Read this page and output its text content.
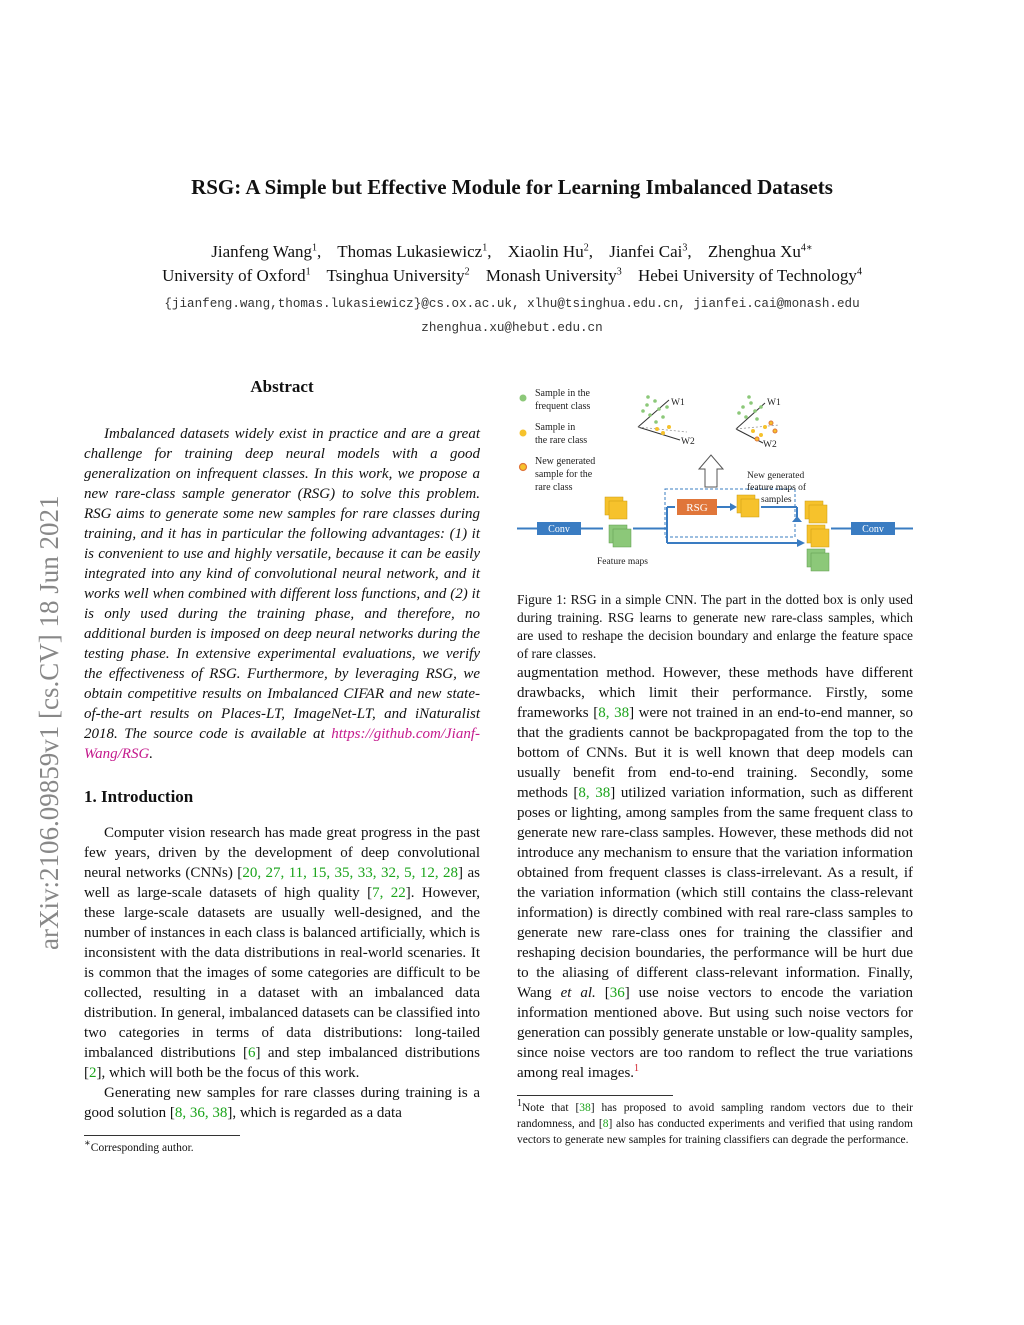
arXiv:2106.09859v1 [cs.CV] 18 Jun 2021
RSG: A Simple but Effective Module for Learning Imbalanced Datasets
Jianfeng Wang$^1$, Thomas Lukasiewicz$^1$, Xiaolin Hu$^2$, Jianfei Cai$^3$, Zhenghua $Xu^{4∗}$
University of Oxford$^1$ Tsinghua University$^2$ Monash University$^3$ Hebei University of Technology$^4$
{jianfeng.wang,thomas.lukasiewicz}@cs.ox.ac.uk, xlhu@tsinghua.edu.cn, jianfei.cai@monash.edu
zhenghua.xu@hebut.edu.cn
Abstract

Imbalanced datasets widely exist in practice and are a great challenge for training deep neural models with a good generalization on infrequent classes. In this work, we propose a new rare-class sample generator (RSG) to solve this problem. RSG aims to generate some new samples for rare classes during training, and it has in particular the following advantages: (1) it is convenient to use and highly versatile, because it can be easily integrated into any kind of convolutional neural network, and it works well when combined with different loss functions, and (2) it is only used during the training phase, and therefore, no additional burden is imposed on deep neural networks during the testing phase. In extensive experimental evaluations, we verify the effectiveness of RSG. Furthermore, by leveraging RSG, we obtain competitive results on Imbalanced CIFAR and new state-of-the-art results on Places-LT, ImageNet-LT, and iNaturalist 2018. The source code is available at https://github.com/Jianf-Wang/RSG.

1. Introduction

Computer vision research has made great progress in the past few years, driven by the development of deep convolutional neural networks (CNNs) [20, 27, 11, 15, 35, 33, 32, 5, 12, 28] as well as large-scale datasets of high quality [7, 22]. However, these large-scale datasets are usually well-designed, and the number of instances in each class is balanced artificially, which is inconsistent with the data distributions in real-world scenaries. It is common that the images of some categories are difficult to be collected, resulting in a dataset with an imbalanced data distribution. In general, imbalanced datasets can be classified into two categories in terms of data distributions: long-tailed imbalanced distributions [6] and step imbalanced distributions [2], which will both be the focus of this work.

Generating new samples for rare classes during training is a good solution [8, 36, 38], which is regarded as a data

∗Corresponding author.
Sample in the frequent class
Sample in the rare class
New generated sample for the rare class
W1
W2
W1
W2
Conv
Feature maps
RSG
New generated feature maps of samples
Conv
Figure 1: RSG in a simple CNN. The part in the dotted box is only used during training. RSG learns to generate new rare-class samples, which are used to reshape the decision boundary and enlarge the feature space of rare classes.

augmentation method. However, these methods have different drawbacks, which limit their performance. Firstly, some frameworks [8, 38] were not trained in an end-to-end manner, so that the gradients cannot be backpropagated from the top to the bottom of CNNs. But it is well known that deep models can usually benefit from end-to-end training. Secondly, some methods [8, 38] utilized variation information, such as different poses or lighting, among samples from the same frequent class to generate new rare-class samples. However, these methods did not introduce any mechanism to ensure that the variation information obtained from frequent classes is class-irrelevant. As a result, if the variation information (which still contains the class-relevant information) is directly combined with real rare-class samples to generate new rare-class ones for training the classifier and reshaping decision boundaries, the performance will be hurt due to the aliasing of different class-relevant information. Finally, Wang et al. [36] use noise vectors to encode the variation information mentioned above. But using such noise vectors for generation can possibly generate unstable or low-quality samples, since noise vectors are too random to reflect the true variations among real images.$^1$

$^1$Note that [38] has proposed to avoid sampling random vectors due to their randomness, and [8] also has conducted experiments and verified that using random vectors to generate new samples for training classifiers can degrade the performance.
